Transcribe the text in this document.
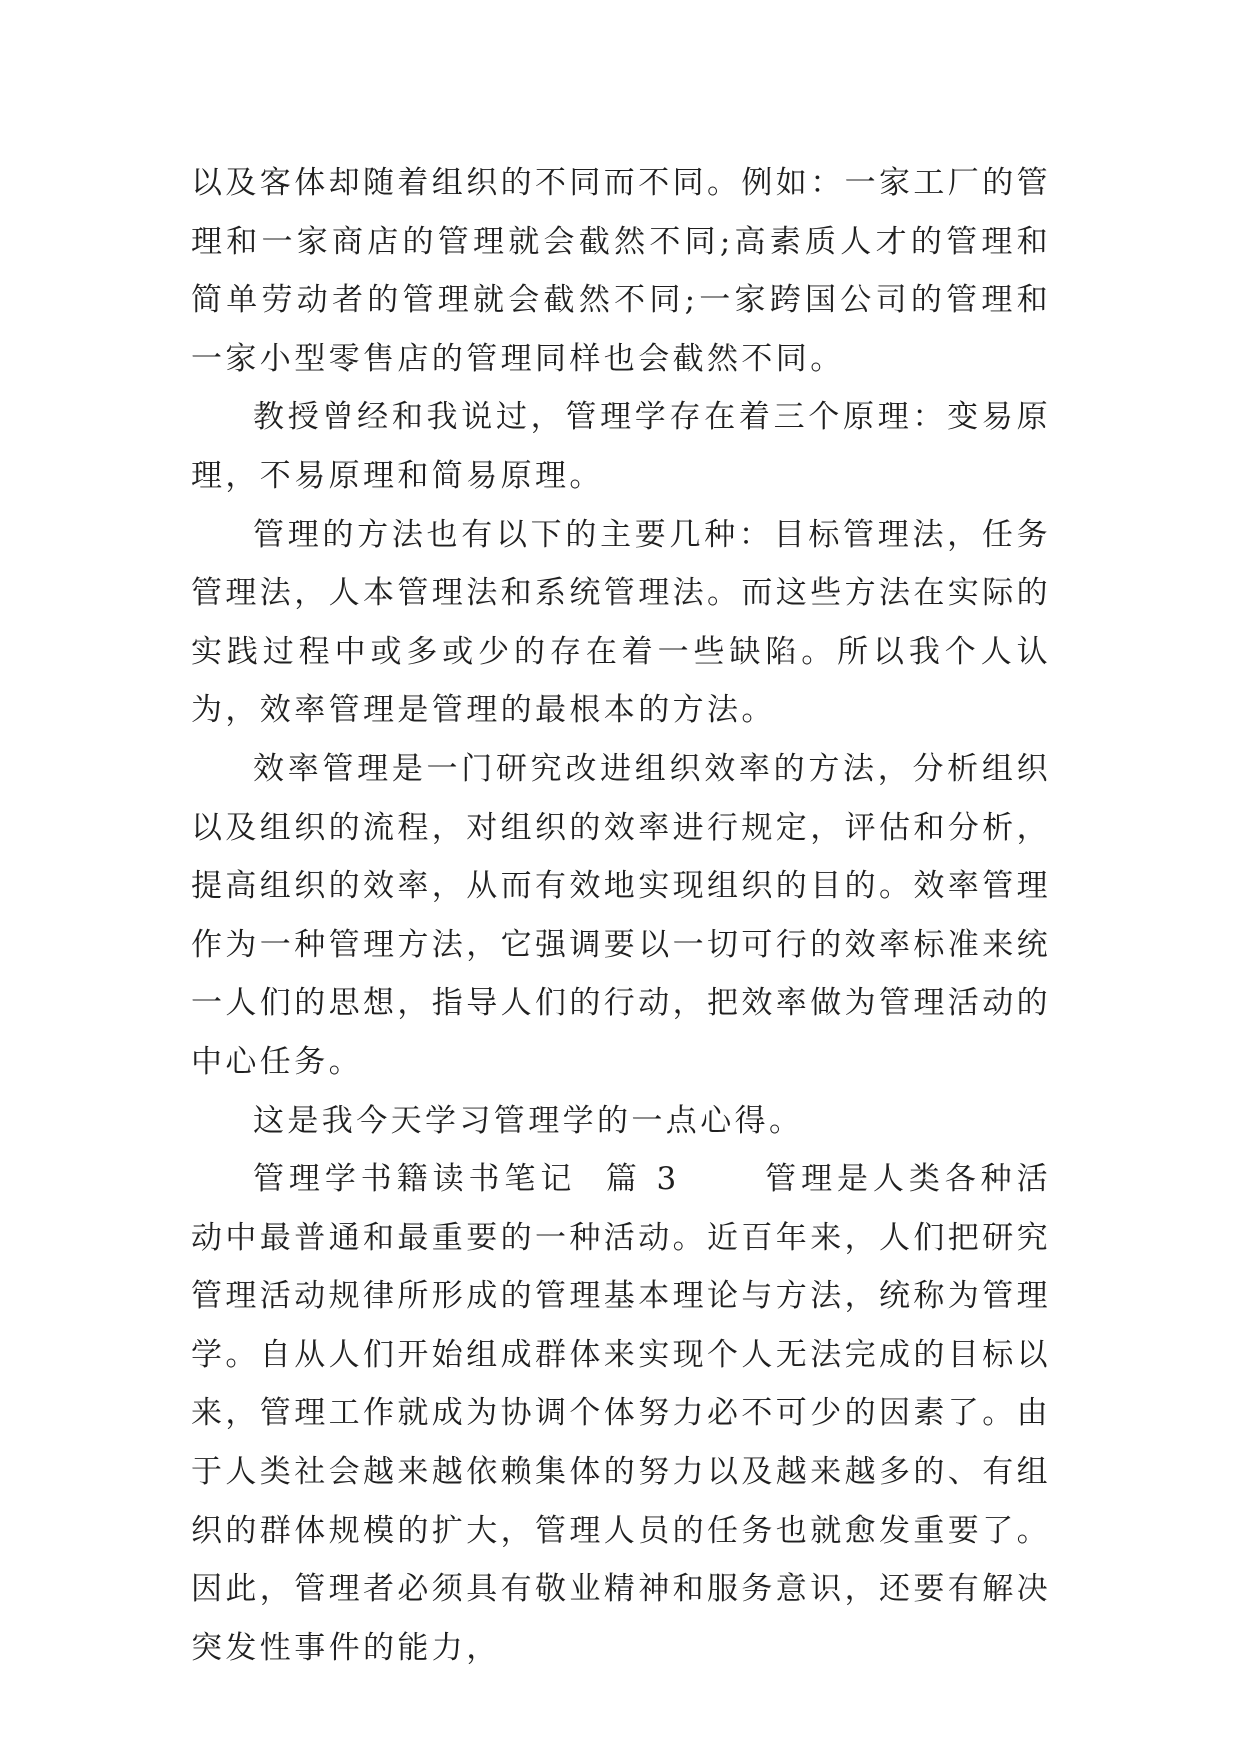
以及客体却随着组织的不同而不同。例如：一家工厂的管理和一家商店的管理就会截然不同;高素质人才的管理和简单劳动者的管理就会截然不同;一家跨国公司的管理和一家小型零售店的管理同样也会截然不同。

教授曾经和我说过，管理学存在着三个原理：变易原理，不易原理和简易原理。

管理的方法也有以下的主要几种：目标管理法，任务管理法，人本管理法和系统管理法。而这些方法在实际的实践过程中或多或少的存在着一些缺陷。所以我个人认为，效率管理是管理的最根本的方法。

效率管理是一门研究改进组织效率的方法，分析组织以及组织的流程，对组织的效率进行规定，评估和分析，提高组织的效率，从而有效地实现组织的目的。效率管理作为一种管理方法，它强调要以一切可行的效率标准来统一人们的思想，指导人们的行动，把效率做为管理活动的中心任务。

这是我今天学习管理学的一点心得。

管理学书籍读书笔记  篇 3	管理是人类各种活动中最普通和最重要的一种活动。近百年来，人们把研究管理活动规律所形成的管理基本理论与方法，统称为管理学。自从人们开始组成群体来实现个人无法完成的目标以来，管理工作就成为协调个体努力必不可少的因素了。由于人类社会越来越依赖集体的努力以及越来越多的、有组织的群体规模的扩大，管理人员的任务也就愈发重要了。因此，管理者必须具有敬业精神和服务意识，还要有解决突发性事件的能力，
